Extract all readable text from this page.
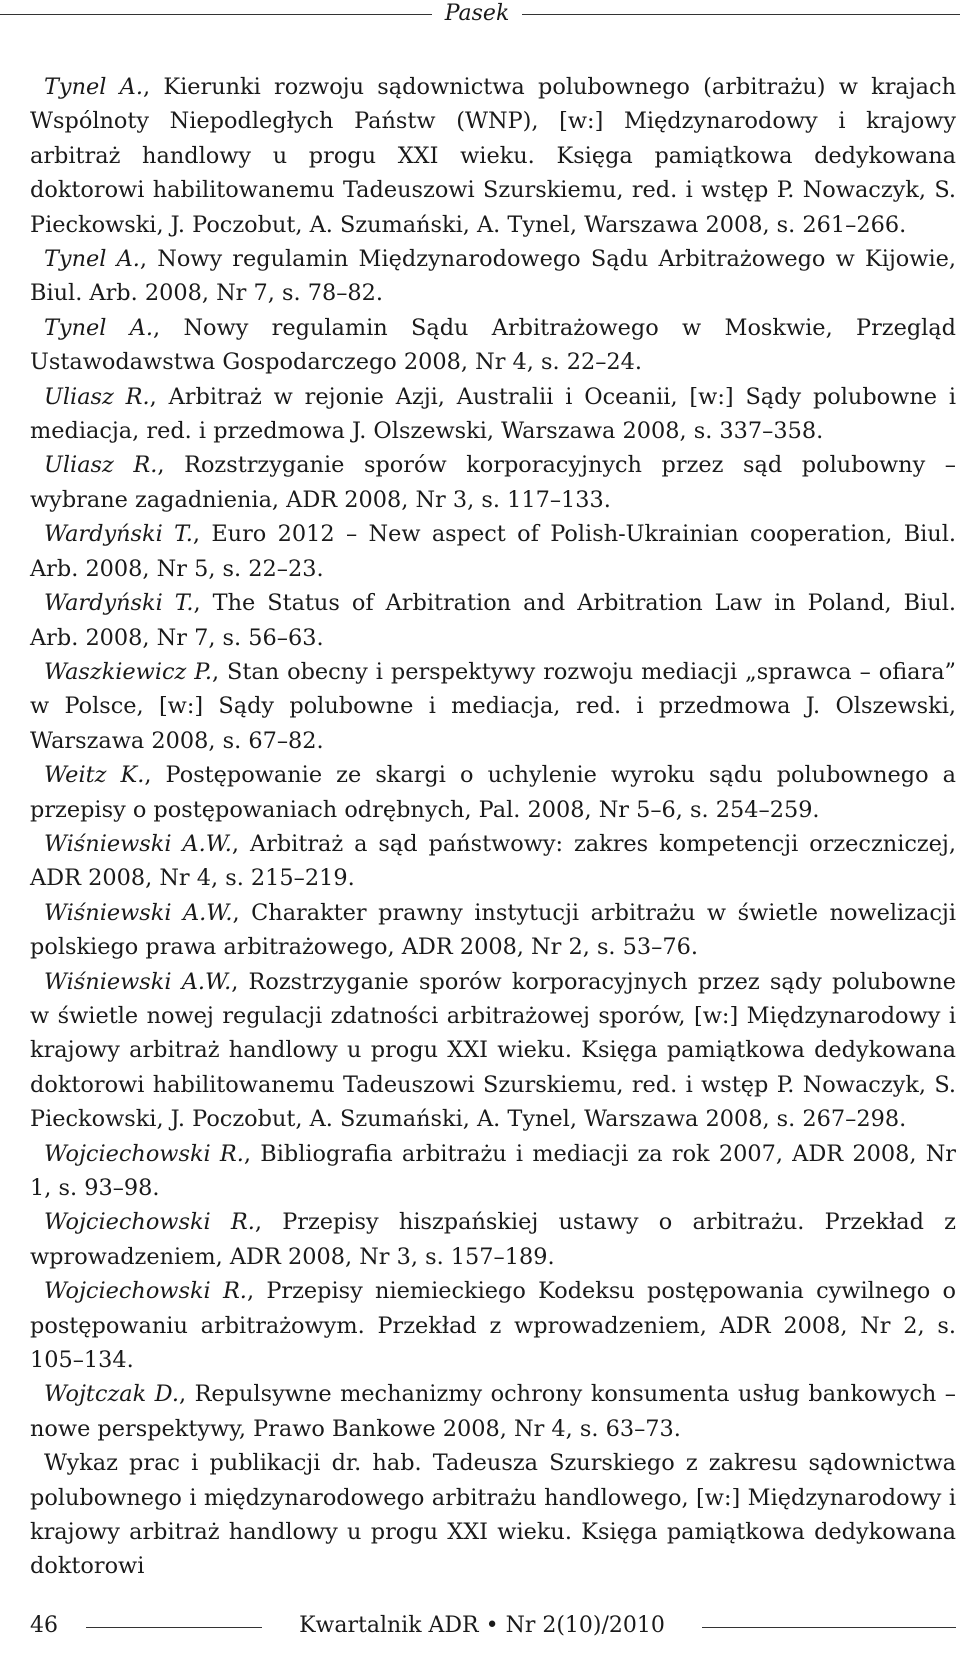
Pasek

Tynel A., Kierunki rozwoju sądownictwa polubownego (arbitrażu) w krajach Wspólnoty Niepodległych Państw (WNP), [w:] Międzynarodowy i krajowy arbitraż handlowy u progu XXI wieku. Księga pamiątkowa dedykowana doktorowi habilitowanemu Tadeuszowi Szurskiemu, red. i wstęp P. Nowaczyk, S. Pieckowski, J. Poczobut, A. Szumański, A. Tynel, Warszawa 2008, s. 261–266.

Tynel A., Nowy regulamin Międzynarodowego Sądu Arbitrażowego w Kijowie, Biul. Arb. 2008, Nr 7, s. 78–82.

Tynel A., Nowy regulamin Sądu Arbitrażowego w Moskwie, Przegląd Ustawodawstwa Gospodarczego 2008, Nr 4, s. 22–24.

Uliasz R., Arbitraż w rejonie Azji, Australii i Oceanii, [w:] Sądy polubowne i mediacja, red. i przedmowa J. Olszewski, Warszawa 2008, s. 337–358.

Uliasz R., Rozstrzyganie sporów korporacyjnych przez sąd polubowny – wybrane zagadnienia, ADR 2008, Nr 3, s. 117–133.

Wardyński T., Euro 2012 – New aspect of Polish-Ukrainian cooperation, Biul. Arb. 2008, Nr 5, s. 22–23.

Wardyński T., The Status of Arbitration and Arbitration Law in Poland, Biul. Arb. 2008, Nr 7, s. 56–63.

Waszkiewicz P., Stan obecny i perspektywy rozwoju mediacji „sprawca – ofiara” w Polsce, [w:] Sądy polubowne i mediacja, red. i przedmowa J. Olszewski, Warszawa 2008, s. 67–82.

Weitz K., Postępowanie ze skargi o uchylenie wyroku sądu polubownego a przepisy o postępowaniach odrębnych, Pal. 2008, Nr 5–6, s. 254–259.

Wiśniewski A.W., Arbitraż a sąd państwowy: zakres kompetencji orzeczniczej, ADR 2008, Nr 4, s. 215–219.

Wiśniewski A.W., Charakter prawny instytucji arbitrażu w świetle nowelizacji polskiego prawa arbitrażowego, ADR 2008, Nr 2, s. 53–76.

Wiśniewski A.W., Rozstrzyganie sporów korporacyjnych przez sądy polubowne w świetle nowej regulacji zdatności arbitrażowej sporów, [w:] Międzynarodowy i krajowy arbitraż handlowy u progu XXI wieku. Księga pamiątkowa dedykowana doktorowi habilitowanemu Tadeuszowi Szurskiemu, red. i wstęp P. Nowaczyk, S. Pieckowski, J. Poczobut, A. Szumański, A. Tynel, Warszawa 2008, s. 267–298.

Wojciechowski R., Bibliografia arbitrażu i mediacji za rok 2007, ADR 2008, Nr 1, s. 93–98.

Wojciechowski R., Przepisy hiszpańskiej ustawy o arbitrażu. Przekład z wprowadzeniem, ADR 2008, Nr 3, s. 157–189.

Wojciechowski R., Przepisy niemieckiego Kodeksu postępowania cywilnego o postępowaniu arbitrażowym. Przekład z wprowadzeniem, ADR 2008, Nr 2, s. 105–134.

Wojtczak D., Repulsywne mechanizmy ochrony konsumenta usług bankowych – nowe perspektywy, Prawo Bankowe 2008, Nr 4, s. 63–73.

Wykaz prac i publikacji dr. hab. Tadeusza Szurskiego z zakresu sądownictwa polubownego i międzynarodowego arbitrażu handlowego, [w:] Międzynarodowy i krajowy arbitraż handlowy u progu XXI wieku. Księga pamiątkowa dedykowana doktorowi

46	Kwartalnik ADR • Nr 2(10)/2010
